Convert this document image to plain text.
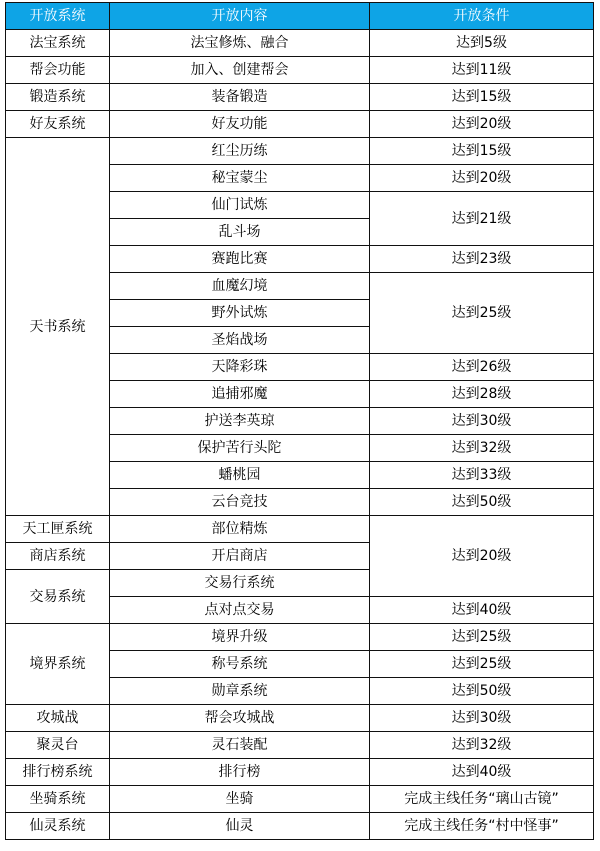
开放系统	开放内容	开放条件
法宝系统	法宝修炼、融合	达到5级
帮会功能	加入、创建帮会	达到11级
锻造系统	装备锻造	达到15级
好友系统	好友功能	达到20级
天书系统	红尘历练	达到15级
	秘宝蒙尘	达到20级
	仙门试炼	达到21级
	乱斗场	
	赛跑比赛	达到23级
	血魔幻境	达到25级
	野外试炼	
	圣焰战场	
	天降彩珠	达到26级
	追捕邪魔	达到28级
	护送李英琼	达到30级
	保护苦行头陀	达到32级
	蟠桃园	达到33级
	云台竞技	达到50级
天工匣系统	部位精炼	达到20级
商店系统	开启商店	
交易系统	交易行系统	
	点对点交易	达到40级
境界系统	境界升级	达到25级
	称号系统	达到25级
	勋章系统	达到50级
攻城战	帮会攻城战	达到30级
聚灵台	灵石装配	达到32级
排行榜系统	排行榜	达到40级
坐骑系统	坐骑	完成主线任务“璃山古镜”
仙灵系统	仙灵	完成主线任务“村中怪事”
